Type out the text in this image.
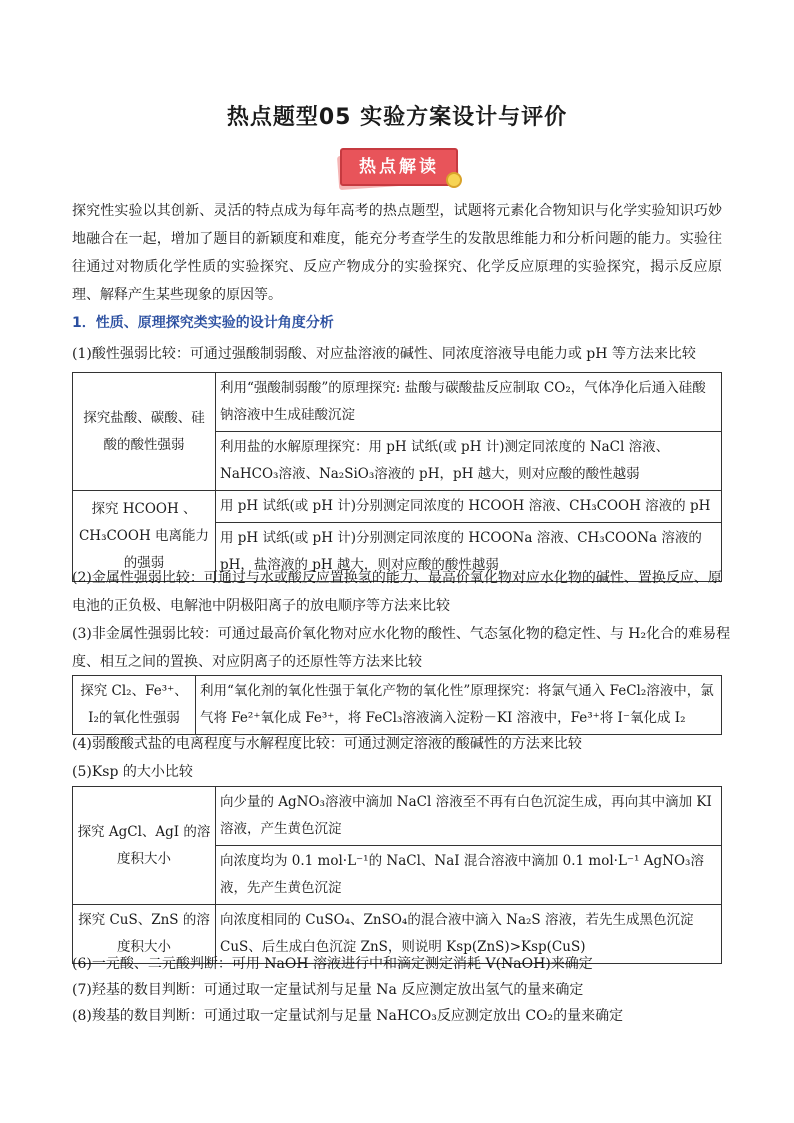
热点题型05 实验方案设计与评价
热点解读
探究性实验以其创新、灵活的特点成为每年高考的热点题型，试题将元素化合物知识与化学实验知识巧妙地融合在一起，增加了题目的新颖度和难度，能充分考查学生的发散思维能力和分析问题的能力。实验往往通过对物质化学性质的实验探究、反应产物成分的实验探究、化学反应原理的实验探究，揭示反应原理、解释产生某些现象的原因等。
1．性质、原理探究类实验的设计角度分析
(1)酸性强弱比较：可通过强酸制弱酸、对应盐溶液的碱性、同浓度溶液导电能力或 pH 等方法来比较
探究盐酸、碳酸、硅酸的酸性强弱	利用“强酸制弱酸”的原理探究: 盐酸与碳酸盐反应制取 CO₂，气体净化后通入硅酸钠溶液中生成硅酸沉淀
	利用盐的水解原理探究：用 pH 试纸(或 pH 计)测定同浓度的 NaCl 溶液、NaHCO₃溶液、Na₂SiO₃溶液的 pH，pH 越大，则对应酸的酸性越弱
探究 HCOOH 、CH₃COOH 电离能力的强弱	用 pH 试纸(或 pH 计)分别测定同浓度的 HCOOH 溶液、CH₃COOH 溶液的 pH
	用 pH 试纸(或 pH 计)分别测定同浓度的 HCOONa 溶液、CH₃COONa 溶液的 pH，盐溶液的 pH 越大，则对应酸的酸性越弱
(2)金属性强弱比较：可通过与水或酸反应置换氢的能力、最高价氧化物对应水化物的碱性、置换反应、原电池的正负极、电解池中阴极阳离子的放电顺序等方法来比较
(3)非金属性强弱比较：可通过最高价氧化物对应水化物的酸性、气态氢化物的稳定性、与 H₂化合的难易程度、相互之间的置换、对应阴离子的还原性等方法来比较
探究 Cl₂、Fe³⁺、I₂的氧化性强弱	利用“氧化剂的氧化性强于氧化产物的氧化性”原理探究：将氯气通入 FeCl₂溶液中，氯气将 Fe²⁺氧化成 Fe³⁺，将 FeCl₃溶液滴入淀粉－KI 溶液中，Fe³⁺将 I⁻氧化成 I₂
(4)弱酸酸式盐的电离程度与水解程度比较：可通过测定溶液的酸碱性的方法来比较
(5)Ksp 的大小比较
探究 AgCl、AgI 的溶度积大小	向少量的 AgNO₃溶液中滴加 NaCl 溶液至不再有白色沉淀生成，再向其中滴加 KI 溶液，产生黄色沉淀
	向浓度均为 0.1 mol·L⁻¹的 NaCl、NaI 混合溶液中滴加 0.1 mol·L⁻¹ AgNO₃溶液，先产生黄色沉淀
探究 CuS、ZnS 的溶度积大小	向浓度相同的 CuSO₄、ZnSO₄的混合液中滴入 Na₂S 溶液，若先生成黑色沉淀 CuS、后生成白色沉淀 ZnS，则说明 Ksp(ZnS)>Ksp(CuS)
(6)一元酸、二元酸判断：可用 NaOH 溶液进行中和滴定测定消耗 V(NaOH)来确定
(7)羟基的数目判断：可通过取一定量试剂与足量 Na 反应测定放出氢气的量来确定
(8)羧基的数目判断：可通过取一定量试剂与足量 NaHCO₃反应测定放出 CO₂的量来确定
